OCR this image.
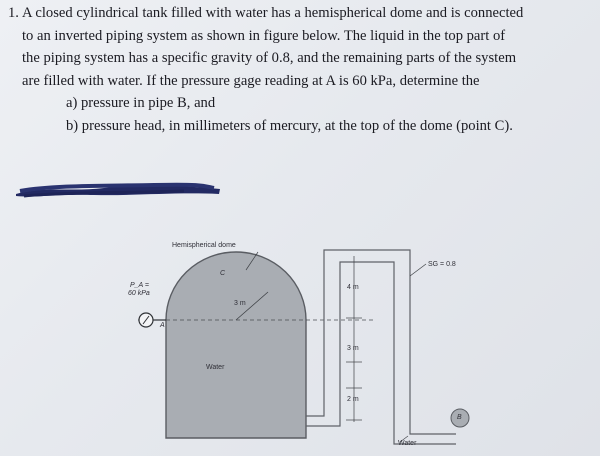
1. A closed cylindrical tank filled with water has a hemispherical dome and is connected
to an inverted piping system as shown in figure below. The liquid in the top part of
the piping system has a specific gravity of 0.8, and the remaining parts of the system
are filled with water. If the pressure gage reading at A is 60 kPa, determine the
a) pressure in pipe B, and
b) pressure head, in millimeters of mercury, at the top of the dome (point C).
Hemispherical dome
C
3 m
P_A =
60 kPa
A
Water
SG = 0.8
4 m
3 m
2 m
Water
B
